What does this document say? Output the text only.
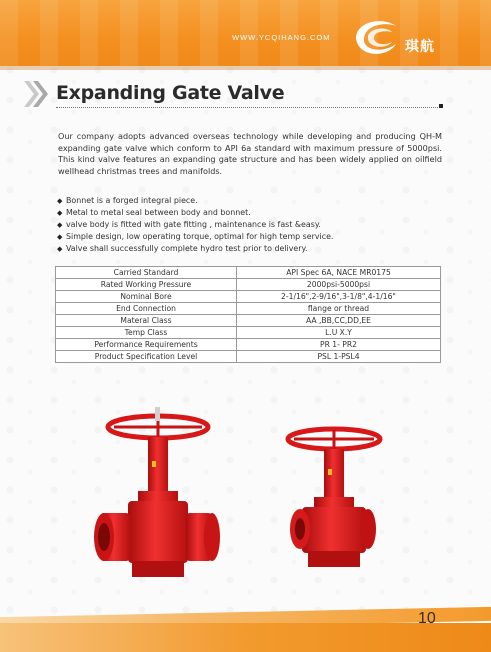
WWW.YCQIHANG.COM
琪航
Expanding Gate Valve

Our company adopts advanced overseas technology while developing and producing QH-M expanding gate valve which conform to API 6a standard with maximum pressure of 5000psi. This kind valve features an expanding gate structure and has been widely applied on oilfield wellhead christmas trees and manifolds.

◆ Bonnet is a forged integral piece.
◆ Metal to metal seal between body and bonnet.
◆ valve body is fitted with gate fitting , maintenance is fast &easy.
◆ Simple design, low operating torque, optimal for high temp service.
◆ Valve shall successfully complete hydro test prior to delivery.
Carried Standard	API Spec 6A, NACE MR0175
Rated Working Pressure	2000psi-5000psi
Nominal Bore	2-1/16",2-9/16",3-1/8",4-1/16"
End Connection	flange or thread
Materal Class	AA ,BB,CC,DD,EE
Temp Class	L.U X.Y
Performance Requirements	PR 1- PR2
Product Specification Level	PSL 1-PSL4
10
